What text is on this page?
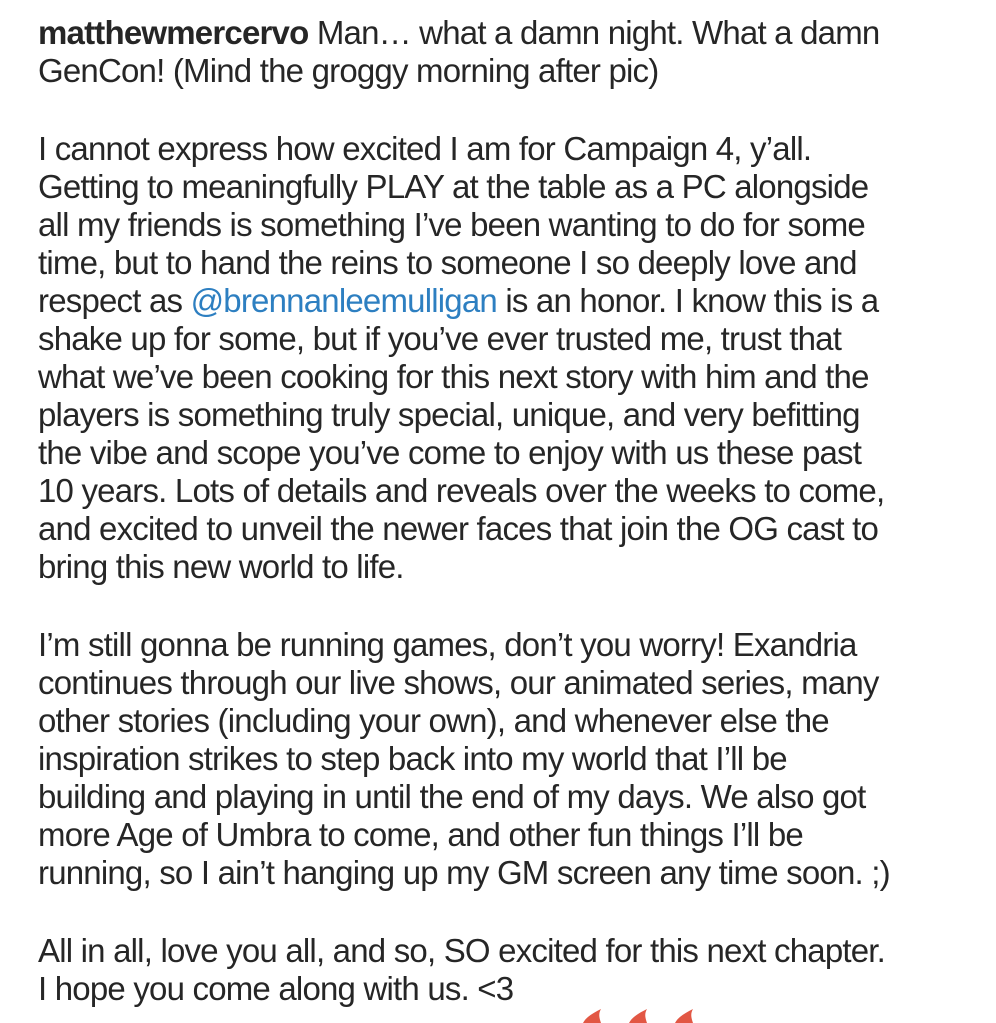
matthewmercervo Man… what a damn night. What a damn
GenCon! (Mind the groggy morning after pic)
I cannot express how excited I am for Campaign 4, y’all.
Getting to meaningfully PLAY at the table as a PC alongside
all my friends is something I’ve been wanting to do for some
time, but to hand the reins to someone I so deeply love and
respect as @brennanleemulligan is an honor. I know this is a
shake up for some, but if you’ve ever trusted me, trust that
what we’ve been cooking for this next story with him and the
players is something truly special, unique, and very befitting
the vibe and scope you’ve come to enjoy with us these past
10 years. Lots of details and reveals over the weeks to come,
and excited to unveil the newer faces that join the OG cast to
bring this new world to life.
I’m still gonna be running games, don’t you worry! Exandria
continues through our live shows, our animated series, many
other stories (including your own), and whenever else the
inspiration strikes to step back into my world that I’ll be
building and playing in until the end of my days. We also got
more Age of Umbra to come, and other fun things I’ll be
running, so I ain’t hanging up my GM screen any time soon. ;)
All in all, love you all, and so, SO excited for this next chapter.
I hope you come along with us. <3
